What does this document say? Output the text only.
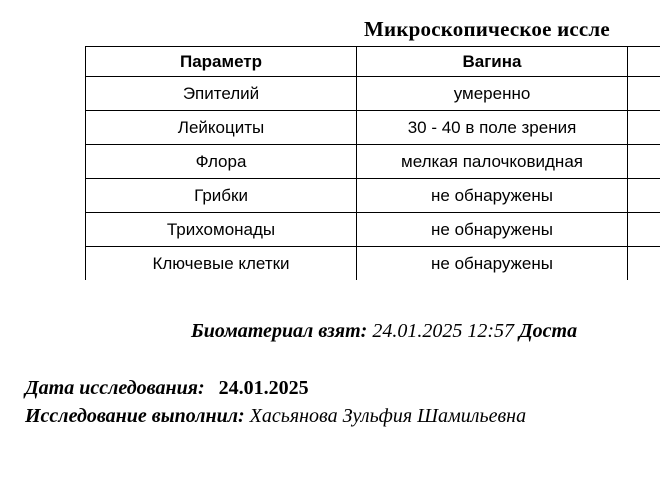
Микроскопическое иссле
Параметр	Вагина	
Эпителий	умеренно	
Лейкоциты	30 - 40 в поле зрения	
Флора	мелкая палочковидная	
Грибки	не обнаружены	
Трихомонады	не обнаружены	
Ключевые клетки	не обнаружены	
Биоматериал взят: 24.01.2025 12:57 Доста
Дата исследования: 24.01.2025
Исследование выполнил: Хасьянова Зульфия Шамильевна
